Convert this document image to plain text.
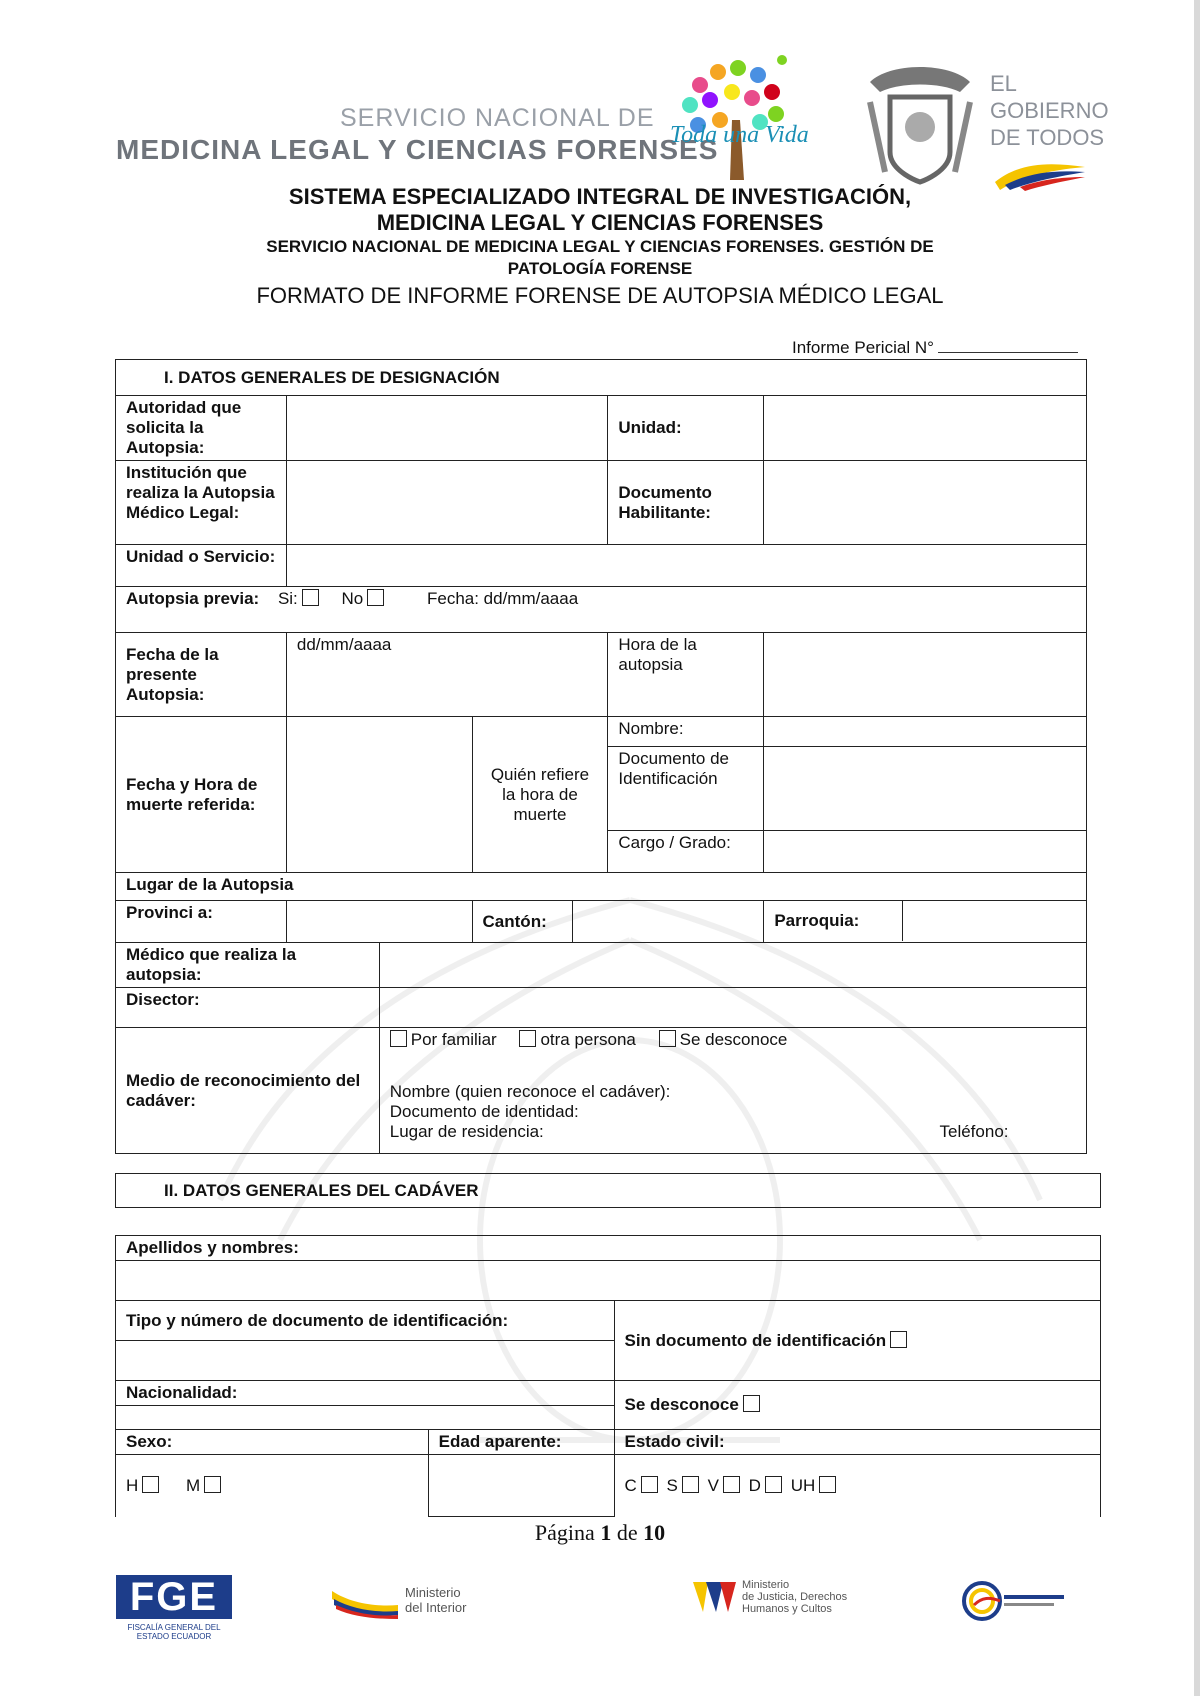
SERVICIO NACIONAL DE
MEDICINA LEGAL Y CIENCIAS FORENSES
Toda una Vida
EL
GOBIERNO
DE TODOS
SISTEMA ESPECIALIZADO INTEGRAL DE INVESTIGACIÓN,
MEDICINA LEGAL Y CIENCIAS FORENSES
SERVICIO NACIONAL DE MEDICINA LEGAL Y CIENCIAS FORENSES. GESTIÓN DE
PATOLOGÍA FORENSE
FORMATO DE INFORME FORENSE DE AUTOPSIA MÉDICO LEGAL
Informe Pericial N°
I. DATOS GENERALES DE DESIGNACIÓN						
Autoridad que solicita la Autopsia:					Unidad:	
Institución que realiza la Autopsia Médico Legal:					Documento Habilitante:	
Unidad o Servicio:						
Autopsia previa: Si: No Fecha: dd/mm/aaaa						
Fecha de la presente Autopsia:	dd/mm/aaaa				Hora de la autopsia	
Fecha y Hora de muerte referida:			Quién refiere la hora de muerte		Nombre:	
					Documento de Identificación	
					Cargo / Grado:	
Lugar de la Autopsia						
Provinci a:			Cantón:			Parroquia:

Médico que realiza la autopsia:						
Disector:						
Medio de reconocimiento del cadáver:		Por familiar otra persona Se desconoce
Nombre (quien reconoce el cadáver):
Documento de identidad:
Lugar de residencia: Teléfono:				
II. DATOS GENERALES DEL CADÁVER
Apellidos y nombres:		

Tipo y número de documento de identificación:		Sin documento de identificación

Nacionalidad:		Se desconoce

Sexo:	Edad aparente:	Estado civil:
H M		C S V D UH
Página 1 de 10
FGE
FISCALÍA GENERAL DEL ESTADO ECUADOR
Ministerio
del Interior
Ministerio
de Justicia, Derechos
Humanos y Cultos
